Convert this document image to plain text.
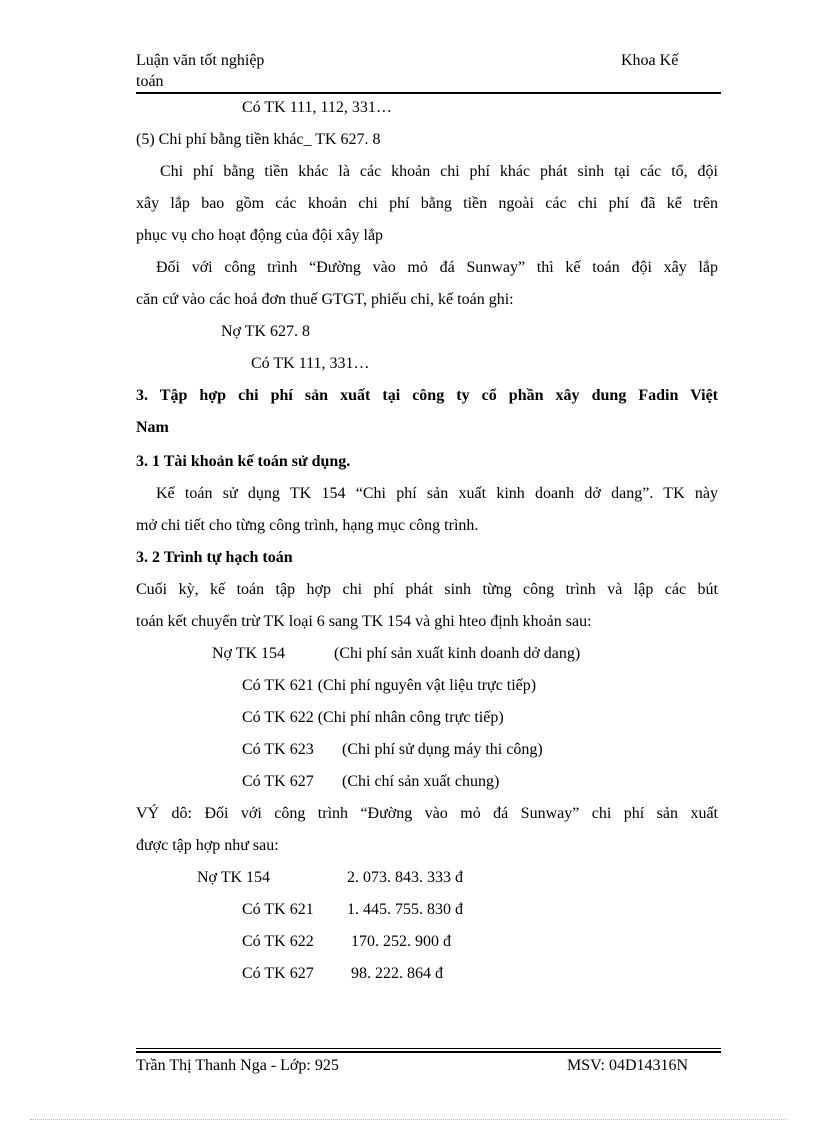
Luận văn tốt nghiệp
toán
Khoa Kế
Có TK 111, 112, 331…
(5) Chi phí bằng tiền khác_ TK 627. 8
Chi phí bằng tiền khác là các khoản chi phí khác phát sinh tại các tổ, đội
xây lắp bao gồm các khoản chi phí bằng tiền ngoài các chi phí đã kể trên
phục vụ cho hoạt động của đội xây lắp
Đối với công trình “Đường vào mỏ đá Sunway” thì kế toán đội xây lắp
căn cứ vào các hoá đơn thuế GTGT, phiếu chi, kế toán ghi:
Nợ TK 627. 8
Có TK 111, 331…
3. Tập hợp chi phí sản xuất tại công ty cổ phần xây dung Fadin Việt
Nam
3. 1 Tài khoản kế toán sử dụng.
Kế toán sử dụng TK 154 “Chi phí sản xuất kinh doanh dở dang”. TK này
mở chi tiết cho từng công trình, hạng mục công trình.
3. 2 Trình tự hạch toán
Cuối kỳ, kế toán tập hợp chi phí phát sinh từng công trình và lập các bút
toán kết chuyển trừ TK loại 6 sang TK 154 và ghi hteo định khoản sau:
Nợ TK 154	(Chi phí sản xuất kinh doanh dở dang)
Có TK 621 (Chi phí nguyên vật liệu trực tiếp)
Có TK 622 (Chi phí nhân công trực tiếp)
Có TK 623 (Chi phí sử dụng máy thi công)
Có TK 627 (Chi chí sản xuất chung)
VÝ dô: Đối với công trình “Đường vào mỏ đá Sunway” chi phí sản xuất
được tập hợp như sau:
Nợ TK 154	2. 073. 843. 333 đ
Có TK 621 1. 445. 755. 830 đ
Có TK 622 170. 252. 900 đ
Có TK 627 98. 222. 864 đ
Trần Thị Thanh Nga - Lớp: 925	MSV: 04D14316N
